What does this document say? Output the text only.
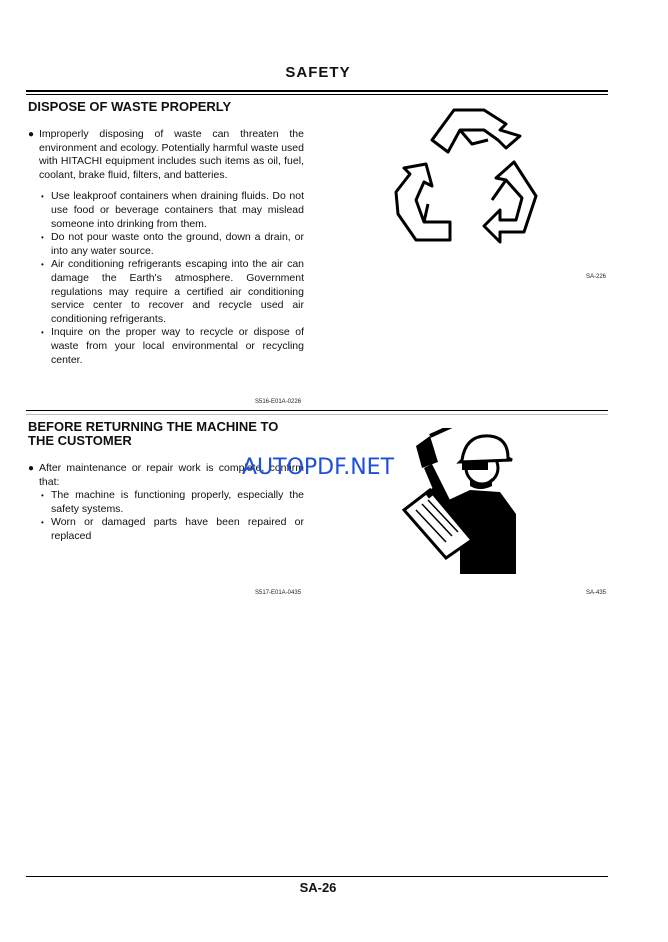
SAFETY
DISPOSE OF WASTE PROPERLY
● Improperly disposing of waste can threaten the environment and ecology. Potentially harmful waste used with HITACHI equipment includes such items as oil, fuel, coolant, brake fluid, filters, and batteries.
• Use leakproof containers when draining fluids. Do not use food or beverage containers that may mislead someone into drinking from them.
• Do not pour waste onto the ground, down a drain, or into any water source.
• Air conditioning refrigerants escaping into the air can damage the Earth's atmosphere. Government regulations may require a certified air conditioning service center to recover and recycle used air conditioning refrigerants.
• Inquire on the proper way to recycle or dispose of waste from your local environmental or recycling center.
S516-E01A-0226
SA-226
BEFORE RETURNING THE MACHINE TO
THE CUSTOMER
● After maintenance or repair work is complete, confirm that:
• The machine is functioning properly, especially the safety systems.
• Worn or damaged parts have been repaired or replaced
AUTOPDF.NET
S517-E01A-0435	SA-435
SA-26
